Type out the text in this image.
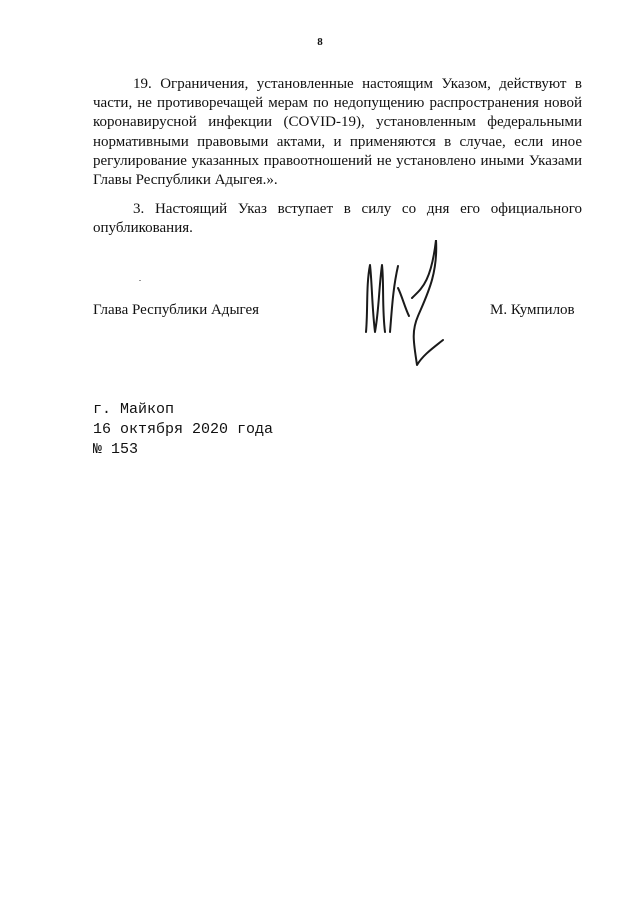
8

19. Ограничения, установленные настоящим Указом, действуют в части, не противоречащей мерам по недопущению распространения новой коронавирусной инфекции (COVID-19), установленным федеральными нормативными правовыми актами, и применяются в случае, если иное регулирование указанных правоотношений не установлено иными Указами Главы Республики Адыгея.».

3. Настоящий Указ вступает в силу со дня его официального опубликования.

Глава Республики Адыгея	М. Кумпилов
г. Майкоп
16 октября 2020 года
№ 153
